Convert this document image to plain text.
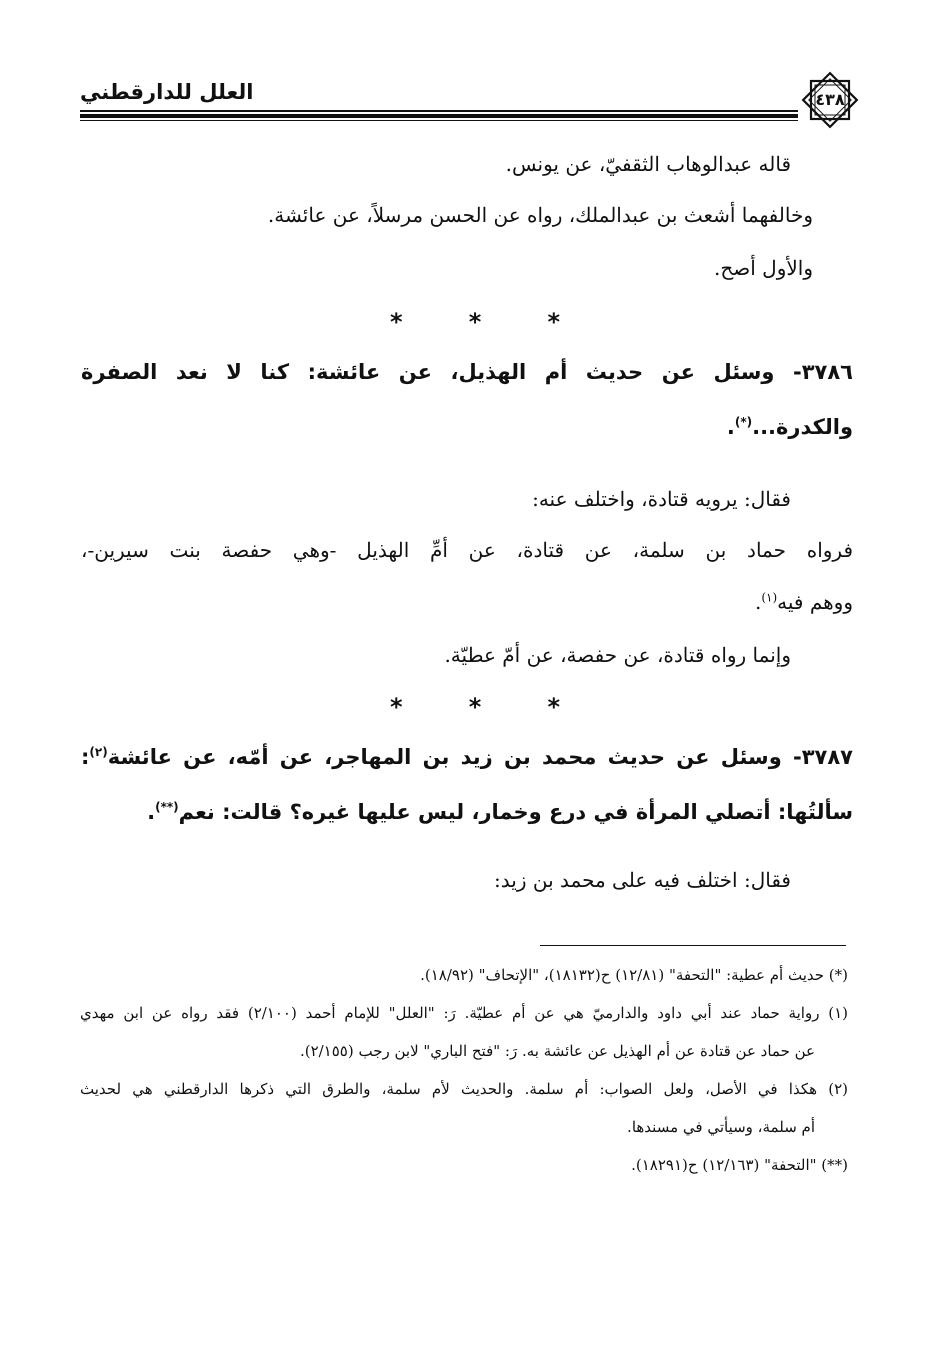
العلل للدارقطني	٤٣٨
قاله عبدالوهاب الثقفيّ، عن يونس.
وخالفهما أشعث بن عبدالملك، رواه عن الحسن مرسلاً، عن عائشة.
والأول أصح.
*
*
*
٣٧٨٦- وسئل عن حديث أم الهذيل، عن عائشة: كنا لا نعد الصفرة
والكدرة...(*).
فقال: يرويه قتادة، واختلف عنه:
فرواه حماد بن سلمة، عن قتادة، عن أمِّ الهذيل -وهي حفصة بنت سيرين-،
ووهم فيه$^{(١)}$.
وإنما رواه قتادة، عن حفصة، عن أمّ عطيّة.
*
*
*
٣٧٨٧- وسئل عن حديث محمد بن زيد بن المهاجر، عن أمّه، عن عائشة$^{(٢)}$:
سألتُها: أتصلي المرأة في درع وخمار، ليس عليها غيره؟ قالت: نعم(**).
فقال: اختلف فيه على محمد بن زيد:
(*) حديث أم عطية: "التحفة" (١٢/٨١) ح(١٨١٣٢)، "الإتحاف" (١٨/٩٢).
(١) رواية حماد عند أبي داود والدارميّ هي عن أم عطيّة. رَ: "العلل" للإمام أحمد (٢/١٠٠) فقد رواه عن ابن مهدي
عن حماد عن قتادة عن أم الهذيل عن عائشة به. رَ: "فتح الباري" لابن رجب (٢/١٥٥).
(٢) هكذا في الأصل، ولعل الصواب: أم سلمة. والحديث لأم سلمة، والطرق التي ذكرها الدارقطني هي لحديث
أم سلمة، وسيأتي في مسندها.
(**) "التحفة" (١٢/١٦٣) ح(١٨٢٩١).
